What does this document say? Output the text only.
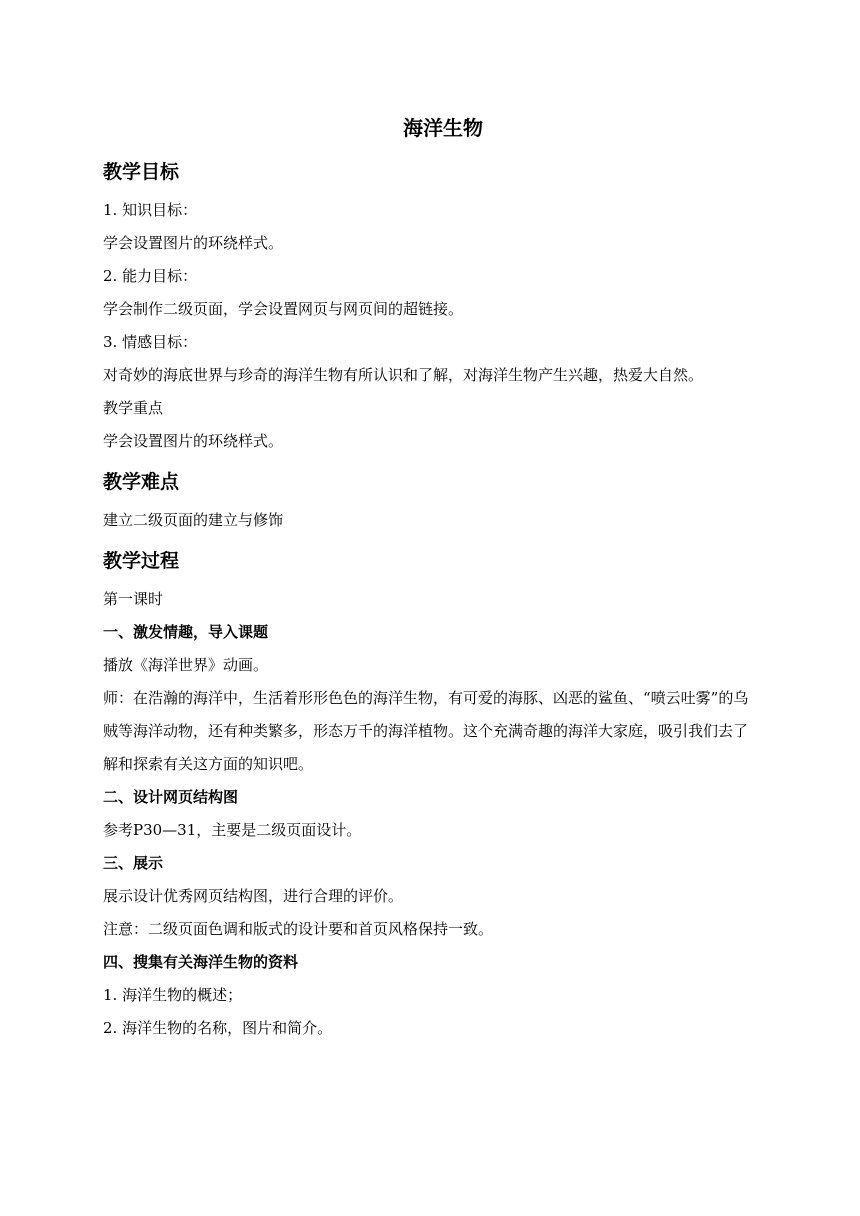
海洋生物
教学目标
1. 知识目标：
学会设置图片的环绕样式。
2. 能力目标：
学会制作二级页面，学会设置网页与网页间的超链接。
3. 情感目标：
对奇妙的海底世界与珍奇的海洋生物有所认识和了解，对海洋生物产生兴趣，热爱大自然。
教学重点
学会设置图片的环绕样式。
教学难点
建立二级页面的建立与修饰
教学过程
第一课时
一、激发情趣，导入课题
播放《海洋世界》动画。
师：在浩瀚的海洋中，生活着形形色色的海洋生物，有可爱的海豚、凶恶的鲨鱼、“喷云吐雾”的乌贼等海洋动物，还有种类繁多，形态万千的海洋植物。这个充满奇趣的海洋大家庭，吸引我们去了解和探索有关这方面的知识吧。
二、设计网页结构图
参考P30—31，主要是二级页面设计。
三、展示
展示设计优秀网页结构图，进行合理的评价。
注意：二级页面色调和版式的设计要和首页风格保持一致。
四、搜集有关海洋生物的资料
1. 海洋生物的概述；
2. 海洋生物的名称，图片和简介。
